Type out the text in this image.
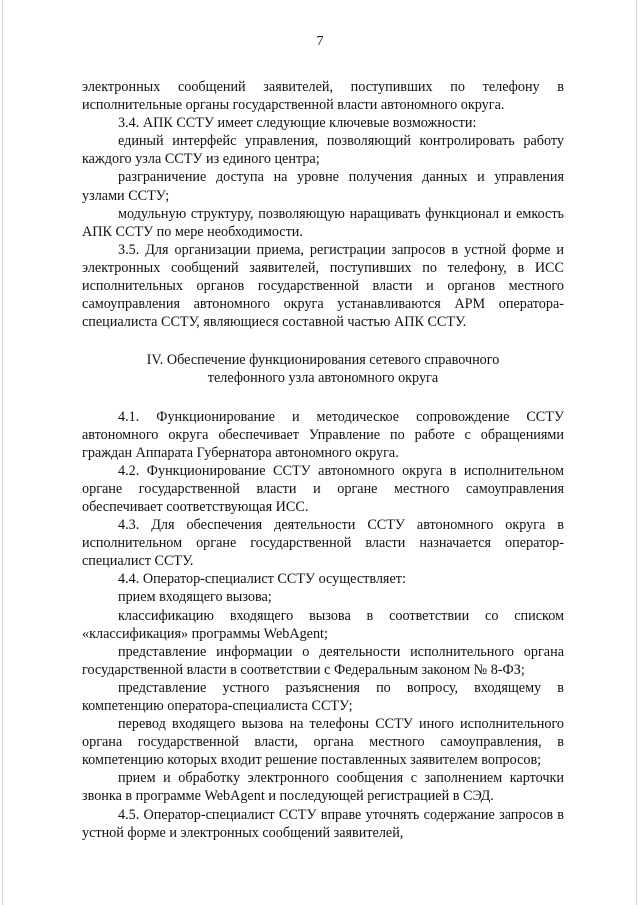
7

электронных сообщений заявителей, поступивших по телефону в исполнительные органы государственной власти автономного округа.

3.4. АПК ССТУ имеет следующие ключевые возможности:

единый интерфейс управления, позволяющий контролировать работу каждого узла ССТУ из единого центра;

разграничение доступа на уровне получения данных и управления узлами ССТУ;

модульную структуру, позволяющую наращивать функционал и емкость АПК ССТУ по мере необходимости.

3.5. Для организации приема, регистрации запросов в устной форме и электронных сообщений заявителей, поступивших по телефону, в ИСС исполнительных органов государственной власти и органов местного самоуправления автономного округа устанавливаются АРМ оператора-специалиста ССТУ, являющиеся составной частью АПК ССТУ.

IV. Обеспечение функционирования сетевого справочного
телефонного узла автономного округа

4.1. Функционирование и методическое сопровождение ССТУ автономного округа обеспечивает Управление по работе с обращениями граждан Аппарата Губернатора автономного округа.

4.2. Функционирование ССТУ автономного округа в исполнительном органе государственной власти и органе местного самоуправления обеспечивает соответствующая ИСС.

4.3. Для обеспечения деятельности ССТУ автономного округа в исполнительном органе государственной власти назначается оператор-специалист ССТУ.

4.4. Оператор-специалист ССТУ осуществляет:

прием входящего вызова;

классификацию входящего вызова в соответствии со списком «классификация» программы WebAgent;

представление информации о деятельности исполнительного органа государственной власти в соответствии с Федеральным законом № 8-ФЗ;

представление устного разъяснения по вопросу, входящему в компетенцию оператора-специалиста ССТУ;

перевод входящего вызова на телефоны ССТУ иного исполнительного органа государственной власти, органа местного самоуправления, в компетенцию которых входит решение поставленных заявителем вопросов;

прием и обработку электронного сообщения с заполнением карточки звонка в программе WebAgent и последующей регистрацией в СЭД.

4.5. Оператор-специалист ССТУ вправе уточнять содержание запросов в устной форме и электронных сообщений заявителей,
